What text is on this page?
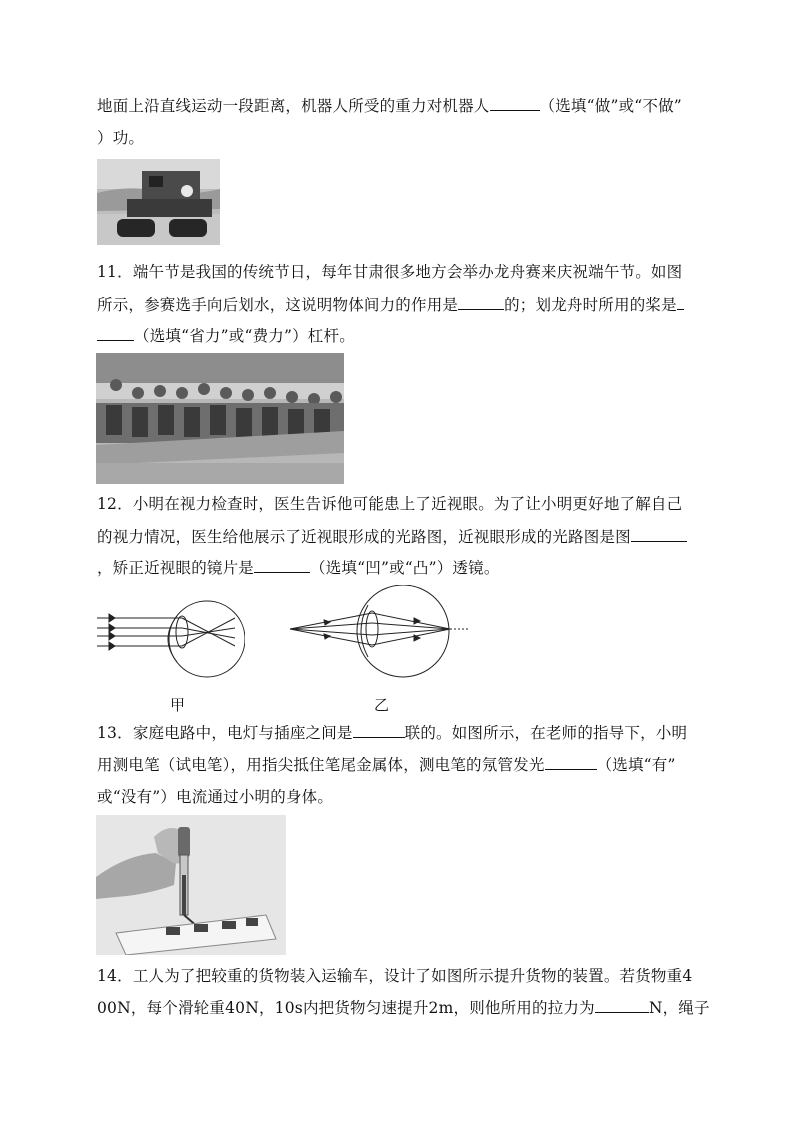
地面上沿直线运动一段距离，机器人所受的重力对机器人	（选填“做”或“不做”
）功。
11．端午节是我国的传统节日，每年甘肃很多地方会举办龙舟赛来庆祝端午节。如图
所示，参赛选手向后划水，这说明物体间力的作用是	的；划龙舟时所用的桨是
（选填“省力”或“费力”）杠杆。
12．小明在视力检查时，医生告诉他可能患上了近视眼。为了让小明更好地了解自己
的视力情况，医生给他展示了近视眼形成的光路图，近视眼形成的光路图是图
，矫正近视眼的镜片是	（选填“凹”或“凸”）透镜。
甲	乙
13．家庭电路中，电灯与插座之间是	联的。如图所示，在老师的指导下，小明
用测电笔（试电笔），用指尖抵住笔尾金属体，测电笔的氖管发光	（选填“有”
或“没有”）电流通过小明的身体。
14．工人为了把较重的货物装入运输车，设计了如图所示提升货物的装置。若货物重4
00N，每个滑轮重40N，10s内把货物匀速提升2m，则他所用的拉力为	N，绳子
